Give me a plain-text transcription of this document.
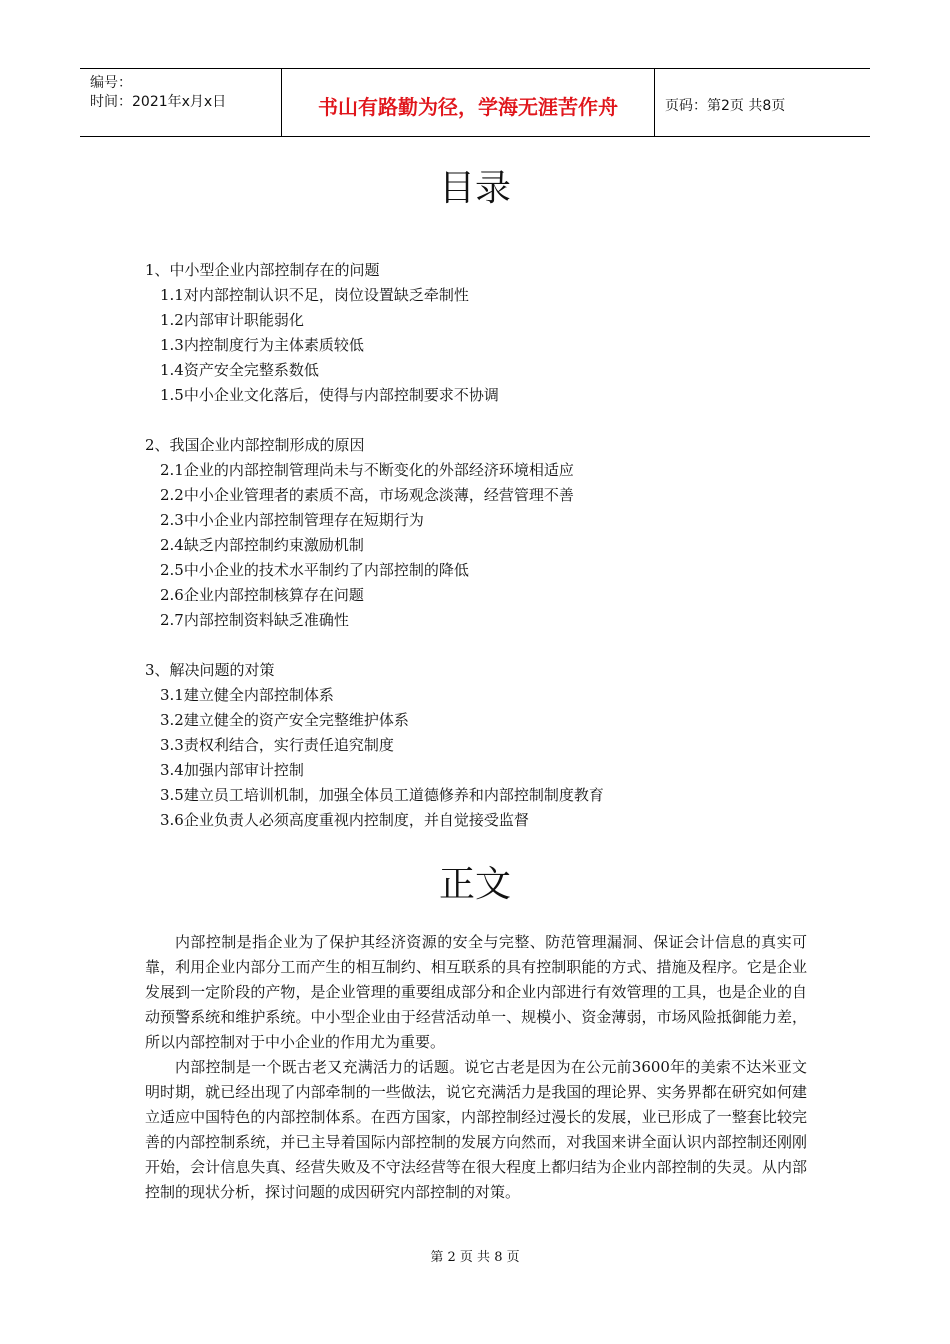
编号：
时间：2021年x月x日	书山有路勤为径，学海无涯苦作舟	页码：第2页 共8页
目录
1、中小型企业内部控制存在的问题
1.1对内部控制认识不足，岗位设置缺乏牵制性
1.2内部审计职能弱化
1.3内控制度行为主体素质较低
1.4资产安全完整系数低
1.5中小企业文化落后，使得与内部控制要求不协调
2、我国企业内部控制形成的原因
2.1企业的内部控制管理尚未与不断变化的外部经济环境相适应
2.2中小企业管理者的素质不高，市场观念淡薄，经营管理不善
2.3中小企业内部控制管理存在短期行为
2.4缺乏内部控制约束激励机制
2.5中小企业的技术水平制约了内部控制的降低
2.6企业内部控制核算存在问题
2.7内部控制资料缺乏准确性
3、解决问题的对策
3.1建立健全内部控制体系
3.2建立健全的资产安全完整维护体系
3.3责权利结合，实行责任追究制度
3.4加强内部审计控制
3.5建立员工培训机制，加强全体员工道德修养和内部控制制度教育
3.6企业负责人必须高度重视内控制度，并自觉接受监督
正文

内部控制是指企业为了保护其经济资源的安全与完整、防范管理漏洞、保证会计信息的真实可靠，利用企业内部分工而产生的相互制约、相互联系的具有控制职能的方式、措施及程序。它是企业发展到一定阶段的产物，是企业管理的重要组成部分和企业内部进行有效管理的工具，也是企业的自动预警系统和维护系统。中小型企业由于经营活动单一、规模小、资金薄弱，市场风险抵御能力差，所以内部控制对于中小企业的作用尤为重要。

内部控制是一个既古老又充满活力的话题。说它古老是因为在公元前3600年的美索不达米亚文明时期，就已经出现了内部牵制的一些做法，说它充满活力是我国的理论界、实务界都在研究如何建立适应中国特色的内部控制体系。在西方国家，内部控制经过漫长的发展，业已形成了一整套比较完善的内部控制系统，并已主导着国际内部控制的发展方向然而，对我国来讲全面认识内部控制还刚刚开始，会计信息失真、经营失败及不守法经营等在很大程度上都归结为企业内部控制的失灵。从内部控制的现状分析，探讨问题的成因研究内部控制的对策。

第 2 页 共 8 页
